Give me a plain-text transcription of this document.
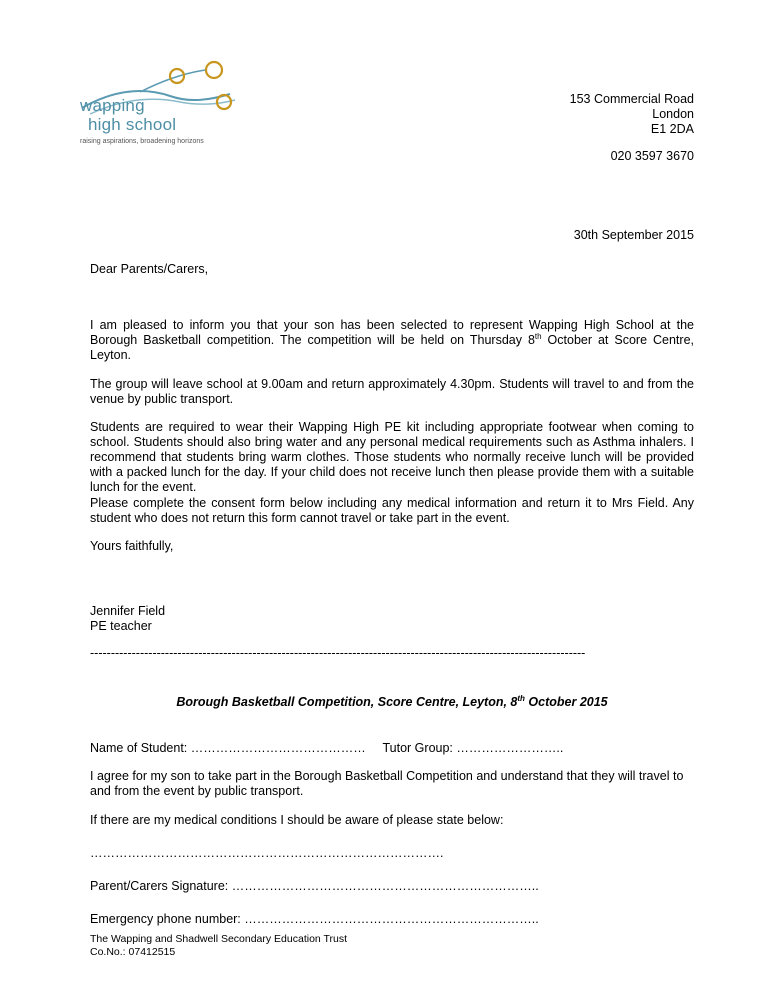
wapping
high school
raising aspirations, broadening horizons
153 Commercial Road
London
E1 2DA
020 3597 3670
30th September 2015
Dear Parents/Carers,

I am pleased to inform you that your son has been selected to represent Wapping High School at the Borough Basketball competition. The competition will be held on Thursday 8th October at Score Centre, Leyton.

The group will leave school at 9.00am and return approximately 4.30pm. Students will travel to and from the venue by public transport.
Students are required to wear their Wapping High PE kit including appropriate footwear when coming to school. Students should also bring water and any personal medical requirements such as Asthma inhalers. I recommend that students bring warm clothes. Those students who normally receive lunch will be provided with a packed lunch for the day. If your child does not receive lunch then please provide them with a suitable lunch for the event.
Please complete the consent form below including any medical information and return it to Mrs Field. Any student who does not return this form cannot travel or take part in the event.
Yours faithfully,
Jennifer Field
PE teacher
-----------------------------------------------------------------------------------------------------------------------
Borough Basketball Competition, Score Centre, Leyton, 8th October 2015
Name of Student: …………………………………… Tutor Group: ……………………..
I agree for my son to take part in the Borough Basketball Competition and understand that they will travel to and from the event by public transport.
If there are my medical conditions I should be aware of please state below:
………………………………………………………………………….
Parent/Carers Signature: ………………………………………………………………..
Emergency phone number: ……………………………………………………………..
The Wapping and Shadwell Secondary Education Trust
Co.No.: 07412515
